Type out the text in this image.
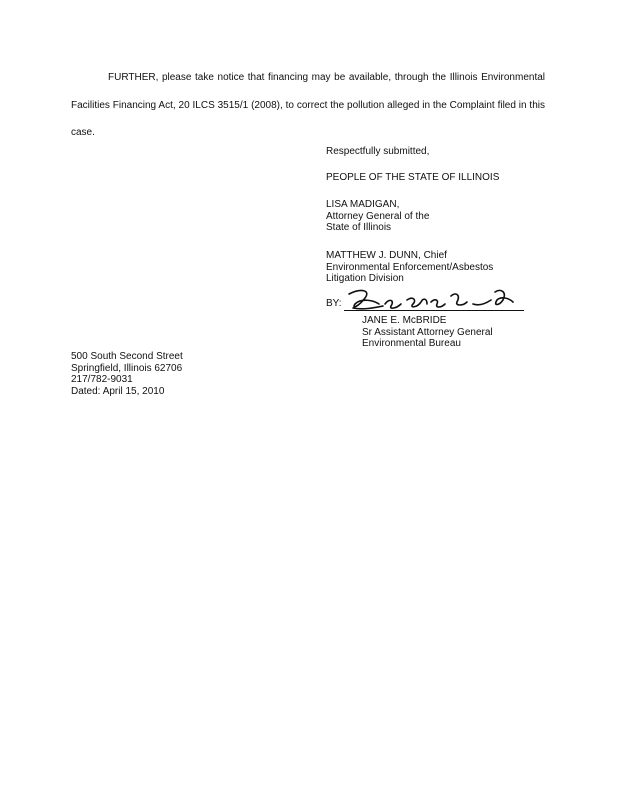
FURTHER, please take notice that financing may be available, through the Illinois Environmental Facilities Financing Act, 20 ILCS 3515/1 (2008), to correct the pollution alleged in the Complaint filed in this case.
Respectfully submitted,
PEOPLE OF THE STATE OF ILLINOIS
LISA MADIGAN,
Attorney General of the
State of Illinois
MATTHEW J. DUNN, Chief
Environmental Enforcement/Asbestos
Litigation Division
BY:
JANE E. McBRIDE
Sr Assistant Attorney General
Environmental Bureau
500 South Second Street
Springfield, Illinois 62706
217/782-9031
Dated: April 15, 2010
